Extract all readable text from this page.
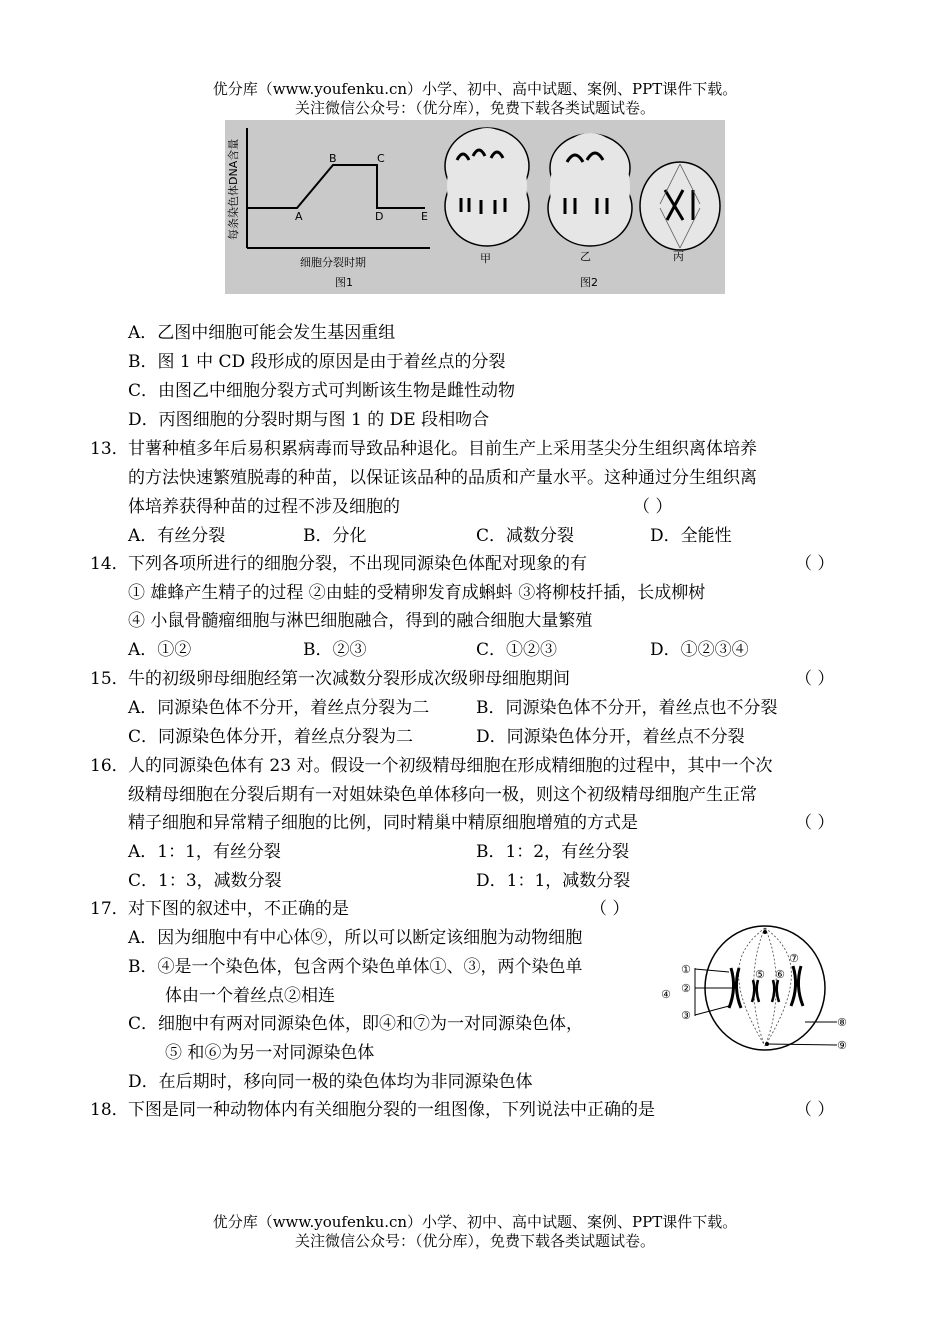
优分库（www.youfenku.cn）小学、初中、高中试题、案例、PPT课件下载。
关注微信公众号：（优分库），免费下载各类试题试卷。
A
B	C
D	E
每条染色体DNA含量
细胞分裂时期
图1
甲	乙	丙
图2
A．乙图中细胞可能会发生基因重组
B．图 1 中 CD 段形成的原因是由于着丝点的分裂
C．由图乙中细胞分裂方式可判断该生物是雌性动物
D．丙图细胞的分裂时期与图 1 的 DE 段相吻合
13． 甘薯种植多年后易积累病毒而导致品种退化。目前生产上采用茎尖分生组织离体培养
的方法快速繁殖脱毒的种苗，以保证该品种的品质和产量水平。这种通过分生组织离
体培养获得种苗的过程不涉及细胞的	（ ）
A．有丝分裂	B．分化	C．减数分裂	D．全能性
14． 下列各项所进行的细胞分裂，不出现同源染色体配对现象的有	（ ）
① 雄蜂产生精子的过程 ②由蛙的受精卵发育成蝌蚪 ③将柳枝扦插，长成柳树
④ 小鼠骨髓瘤细胞与淋巴细胞融合，得到的融合细胞大量繁殖
A．①②	B．②③	C．①②③	D．①②③④
15． 牛的初级卵母细胞经第一次减数分裂形成次级卵母细胞期间	（ ）
A．同源染色体不分开，着丝点分裂为二	B．同源染色体不分开，着丝点也不分裂
C．同源染色体分开，着丝点分裂为二	D．同源染色体分开，着丝点不分裂
16． 人的同源染色体有 23 对。假设一个初级精母细胞在形成精细胞的过程中，其中一个次
级精母细胞在分裂后期有一对姐妹染色单体移向一极，则这个初级精母细胞产生正常
精子细胞和异常精子细胞的比例，同时精巢中精原细胞增殖的方式是	（ ）
A．1：1，有丝分裂	B．1：2，有丝分裂
C．1：3，减数分裂	D．1：1，减数分裂
17． 对下图的叙述中，不正确的是	（ ）
A．因为细胞中有中心体⑨，所以可以断定该细胞为动物细胞
B．④是一个染色体，包含两个染色单体①、③，两个染色单
体由一个着丝点②相连
C．细胞中有两对同源染色体，即④和⑦为一对同源染色体，
⑤ 和⑥为另一对同源染色体
D．在后期时，移向同一极的染色体均为非同源染色体
①
②
③
④
⑤ ⑥
⑦
⑧
⑨
18． 下图是同一种动物体内有关细胞分裂的一组图像，下列说法中正确的是	（ ）
优分库（www.youfenku.cn）小学、初中、高中试题、案例、PPT课件下载。
关注微信公众号：（优分库），免费下载各类试题试卷。
